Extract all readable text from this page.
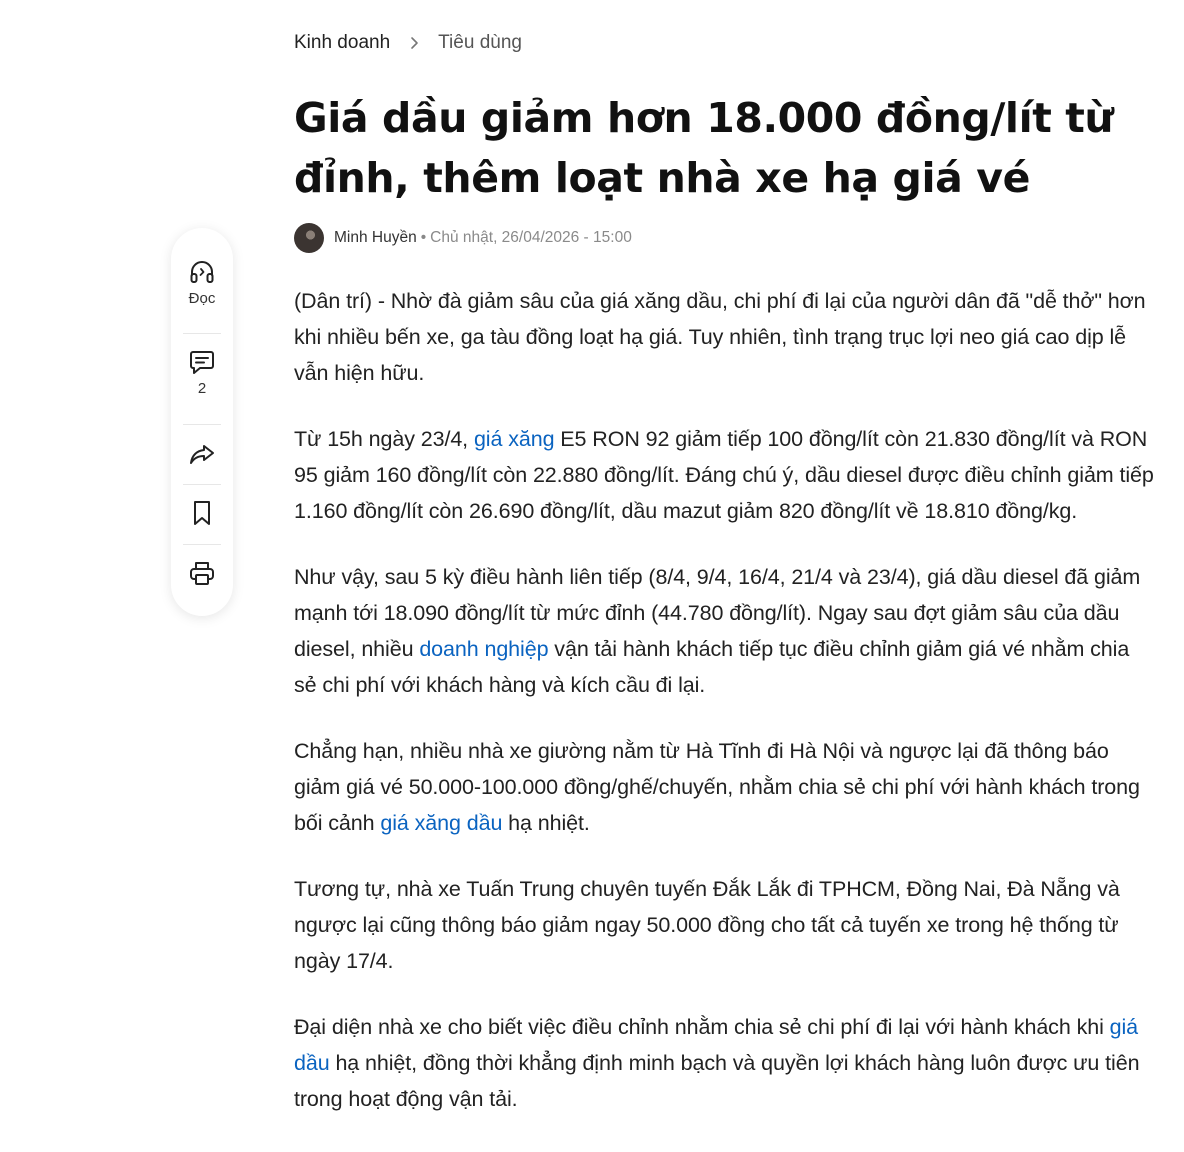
Kinh doanh	Tiêu dùng
Giá dầu giảm hơn 18.000 đồng/lít từ đỉnh, thêm loạt nhà xe hạ giá vé
Minh Huyền • Chủ nhật, 26/04/2026 - 15:00
Đọc
2

(Dân trí) - Nhờ đà giảm sâu của giá xăng dầu, chi phí đi lại của người dân đã "dễ thở" hơn khi nhiều bến xe, ga tàu đồng loạt hạ giá. Tuy nhiên, tình trạng trục lợi neo giá cao dịp lễ vẫn hiện hữu.

Từ 15h ngày 23/4, giá xăng E5 RON 92 giảm tiếp 100 đồng/lít còn 21.830 đồng/lít và RON 95 giảm 160 đồng/lít còn 22.880 đồng/lít. Đáng chú ý, dầu diesel được điều chỉnh giảm tiếp 1.160 đồng/lít còn 26.690 đồng/lít, dầu mazut giảm 820 đồng/lít về 18.810 đồng/kg.

Như vậy, sau 5 kỳ điều hành liên tiếp (8/4, 9/4, 16/4, 21/4 và 23/4), giá dầu diesel đã giảm mạnh tới 18.090 đồng/lít từ mức đỉnh (44.780 đồng/lít). Ngay sau đợt giảm sâu của dầu diesel, nhiều doanh nghiệp vận tải hành khách tiếp tục điều chỉnh giảm giá vé nhằm chia sẻ chi phí với khách hàng và kích cầu đi lại.

Chẳng hạn, nhiều nhà xe giường nằm từ Hà Tĩnh đi Hà Nội và ngược lại đã thông báo giảm giá vé 50.000-100.000 đồng/ghế/chuyến, nhằm chia sẻ chi phí với hành khách trong bối cảnh giá xăng dầu hạ nhiệt.

Tương tự, nhà xe Tuấn Trung chuyên tuyến Đắk Lắk đi TPHCM, Đồng Nai, Đà Nẵng và ngược lại cũng thông báo giảm ngay 50.000 đồng cho tất cả tuyến xe trong hệ thống từ ngày 17/4.

Đại diện nhà xe cho biết việc điều chỉnh nhằm chia sẻ chi phí đi lại với hành khách khi giá dầu hạ nhiệt, đồng thời khẳng định minh bạch và quyền lợi khách hàng luôn được ưu tiên trong hoạt động vận tải.
